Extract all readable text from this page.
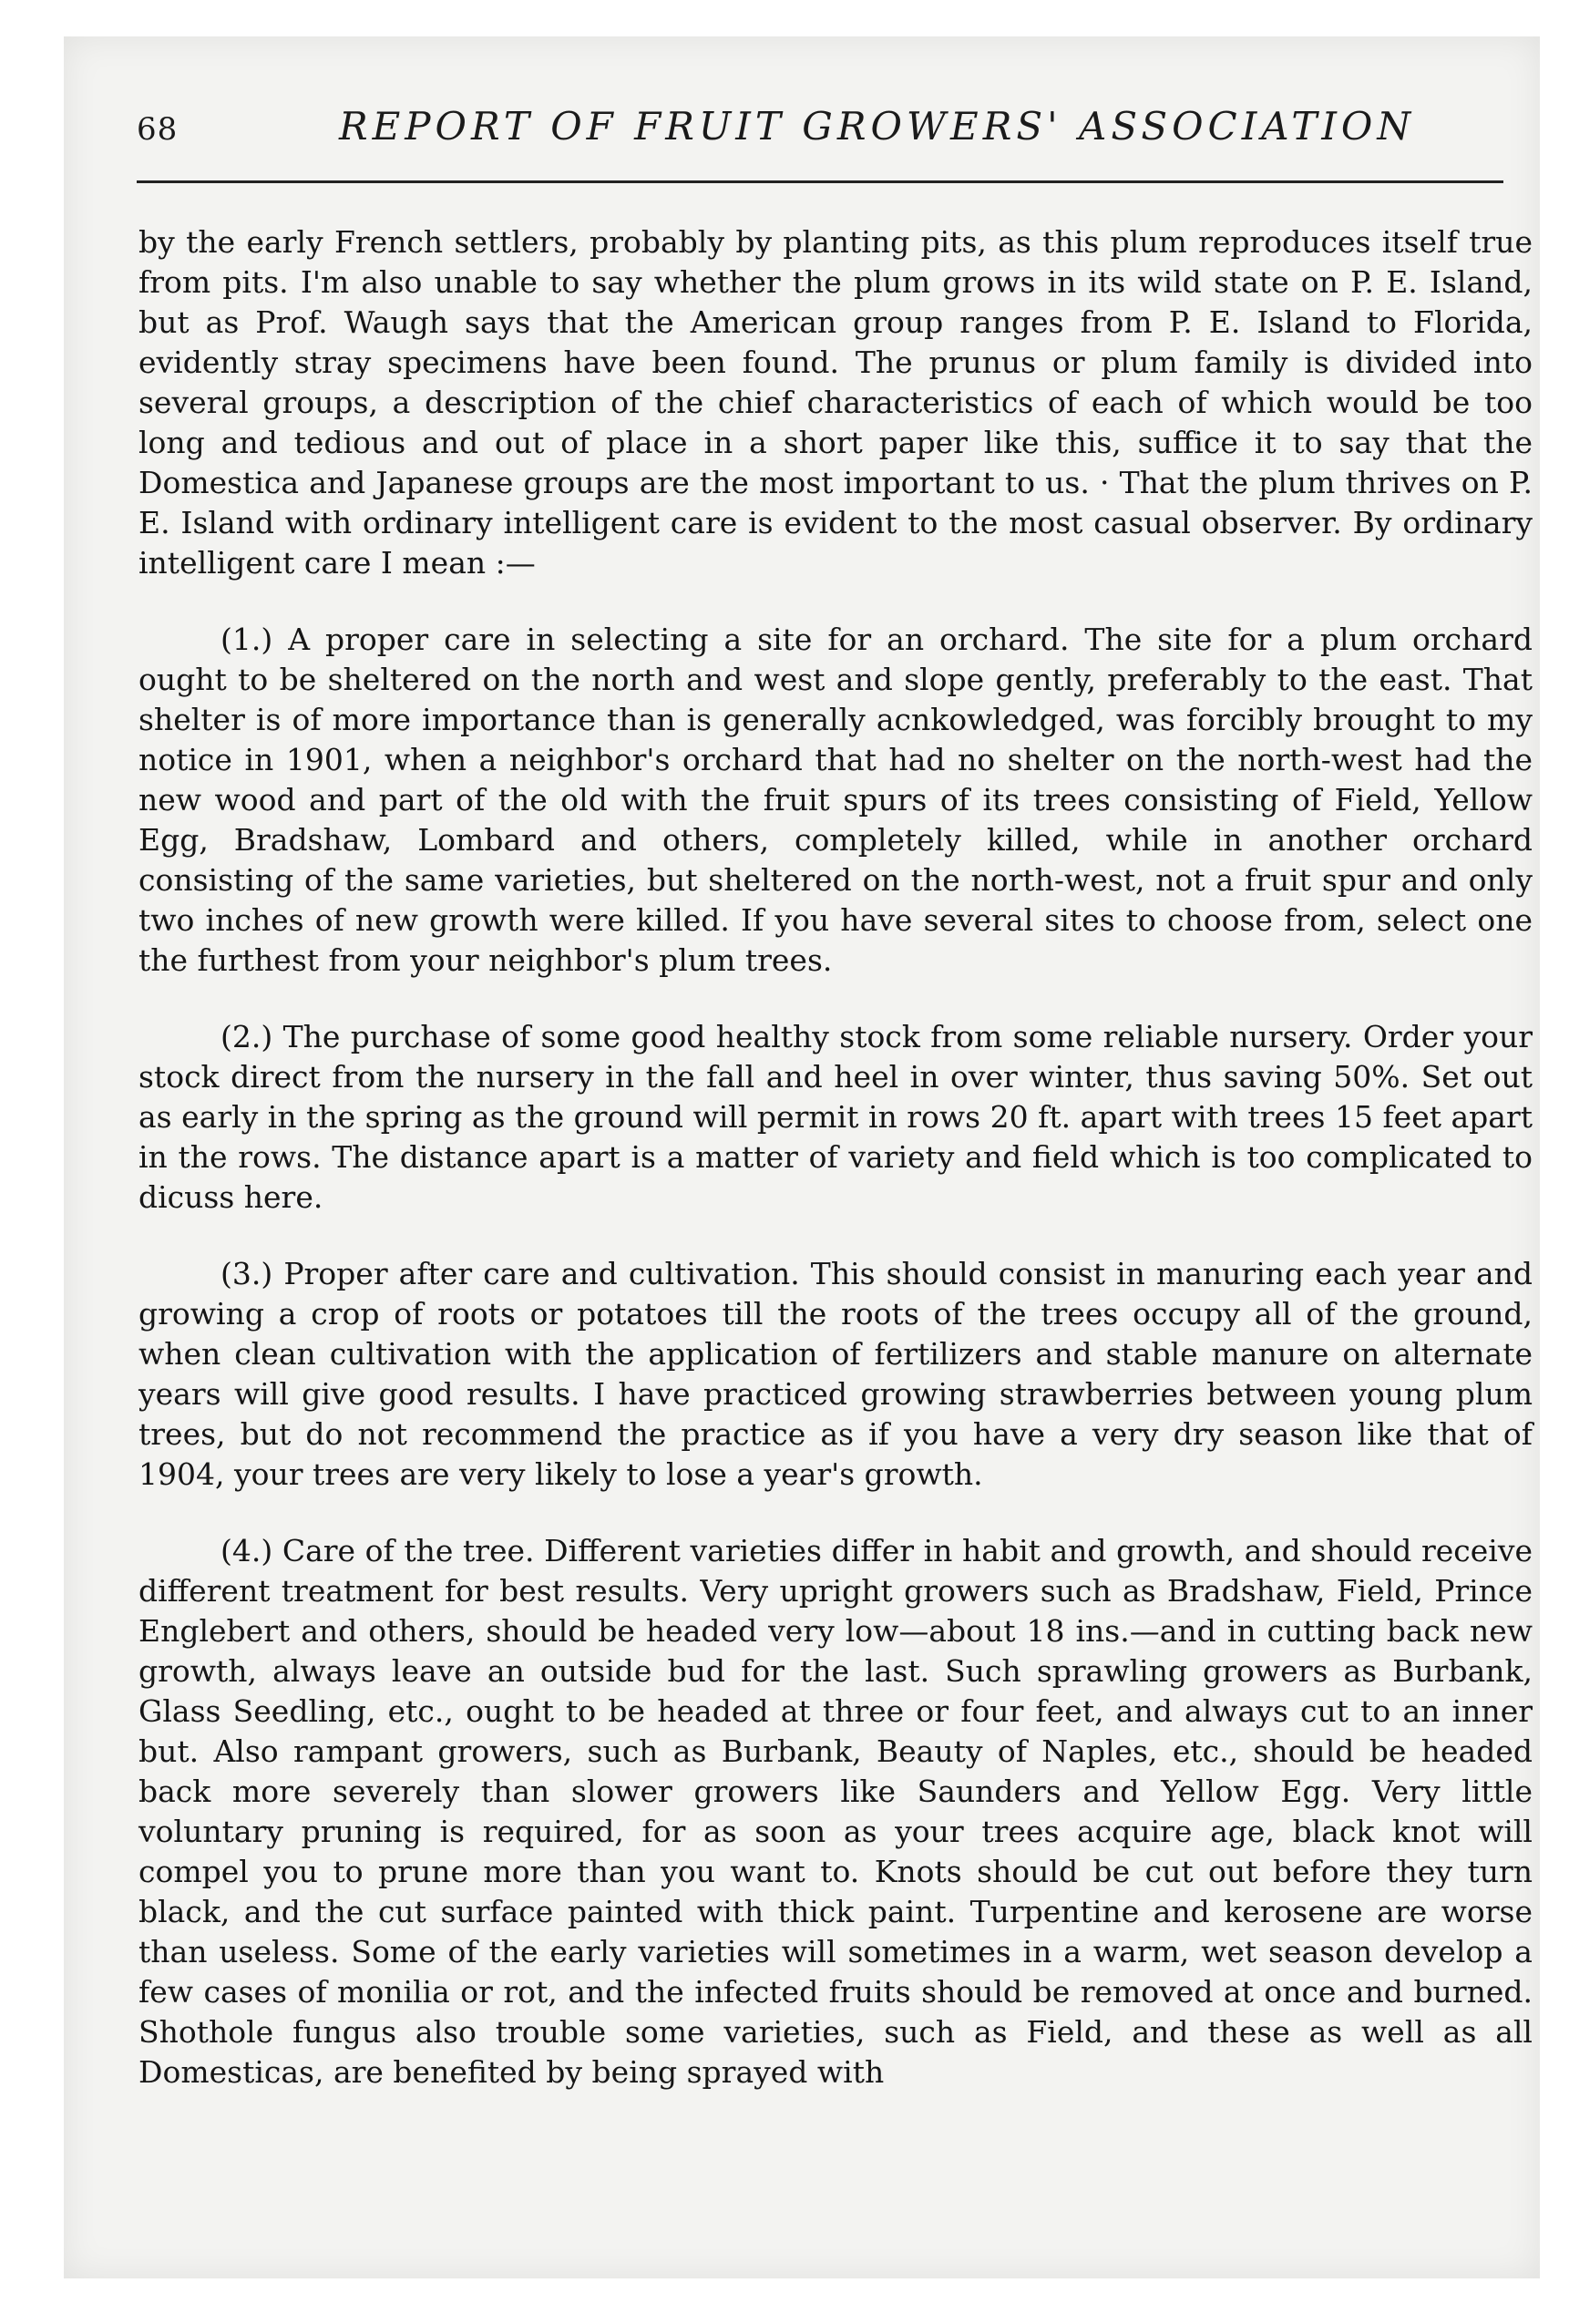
68	REPORT OF FRUIT GROWERS' ASSOCIATION

by the early French settlers, probably by planting pits, as this plum reproduces itself true from pits. I'm also unable to say whether the plum grows in its wild state on P. E. Island, but as Prof. Waugh says that the American group ranges from P. E. Island to Florida, evidently stray specimens have been found. The prunus or plum family is divided into several groups, a description of the chief characteristics of each of which would be too long and tedious and out of place in a short paper like this, suffice it to say that the Domestica and Japanese groups are the most important to us. · That the plum thrives on P. E. Island with ordinary intelligent care is evident to the most casual observer. By ordinary intelligent care I mean :—

(1.) A proper care in selecting a site for an orchard. The site for a plum orchard ought to be sheltered on the north and west and slope gently, preferably to the east. That shelter is of more importance than is generally acnkowledged, was forcibly brought to my notice in 1901, when a neighbor's orchard that had no shelter on the north-west had the new wood and part of the old with the fruit spurs of its trees consisting of Field, Yellow Egg, Bradshaw, Lombard and others, completely killed, while in another orchard consisting of the same varieties, but sheltered on the north-west, not a fruit spur and only two inches of new growth were killed. If you have several sites to choose from, select one the furthest from your neighbor's plum trees.

(2.) The purchase of some good healthy stock from some reliable nursery. Order your stock direct from the nursery in the fall and heel in over winter, thus saving 50%. Set out as early in the spring as the ground will permit in rows 20 ft. apart with trees 15 feet apart in the rows. The distance apart is a matter of variety and field which is too complicated to dicuss here.

(3.) Proper after care and cultivation. This should consist in manuring each year and growing a crop of roots or potatoes till the roots of the trees occupy all of the ground, when clean cultivation with the application of fertilizers and stable manure on alternate years will give good results. I have practiced growing strawberries between young plum trees, but do not recommend the practice as if you have a very dry season like that of 1904, your trees are very likely to lose a year's growth.

(4.) Care of the tree. Different varieties differ in habit and growth, and should receive different treatment for best results. Very upright growers such as Bradshaw, Field, Prince Englebert and others, should be headed very low—about 18 ins.—and in cutting back new growth, always leave an outside bud for the last. Such sprawling growers as Burbank, Glass Seedling, etc., ought to be headed at three or four feet, and always cut to an inner but. Also rampant growers, such as Burbank, Beauty of Naples, etc., should be headed back more severely than slower growers like Saunders and Yellow Egg. Very little voluntary pruning is required, for as soon as your trees acquire age, black knot will compel you to prune more than you want to. Knots should be cut out before they turn black, and the cut surface painted with thick paint. Turpentine and kerosene are worse than useless. Some of the early varieties will sometimes in a warm, wet season develop a few cases of monilia or rot, and the infected fruits should be removed at once and burned. Shothole fungus also trouble some varieties, such as Field, and these as well as all Domesticas, are benefited by being sprayed with
